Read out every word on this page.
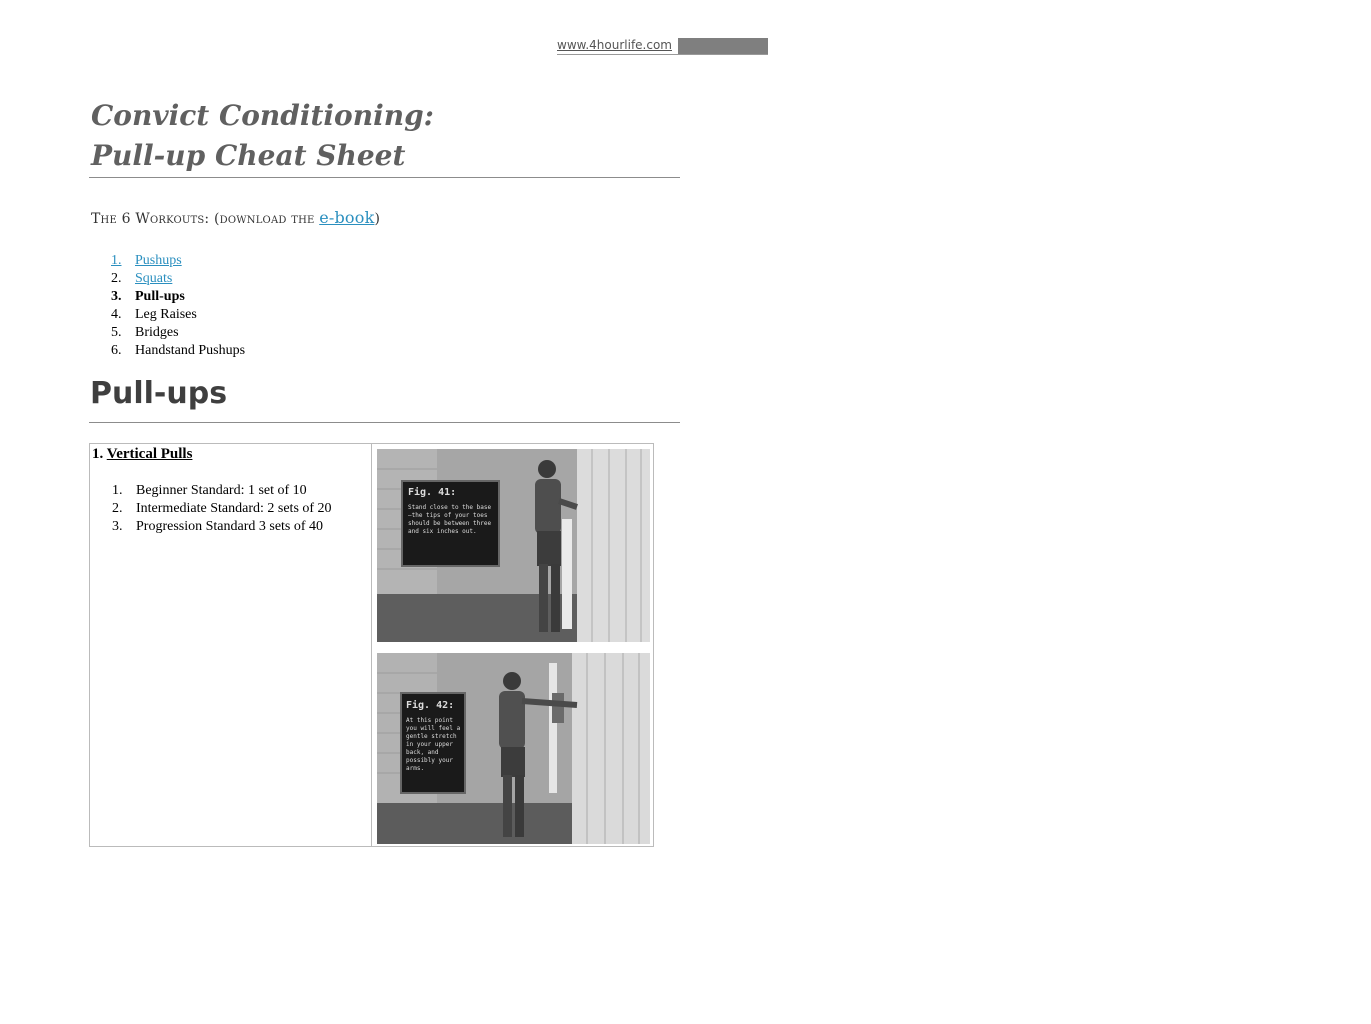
www.4hourlife.com	1
Convict Conditioning:
Pull-up Cheat Sheet
The 6 Workouts: (download the e-book)
1. Pushups
2. Squats
3. Pull-ups
4. Leg Raises
5. Bridges
6. Handstand Pushups
Pull-ups
1. Vertical Pulls
1. Beginner Standard: 1 set of 10
2. Intermediate Standard: 2 sets of 20
3. Progression Standard 3 sets of 40
Fig. 41:
Stand close to the base—the tips of your toes should be between three and six inches out.
Fig. 42:
At this point you will feel a gentle stretch in your upper back, and possibly your arms.
